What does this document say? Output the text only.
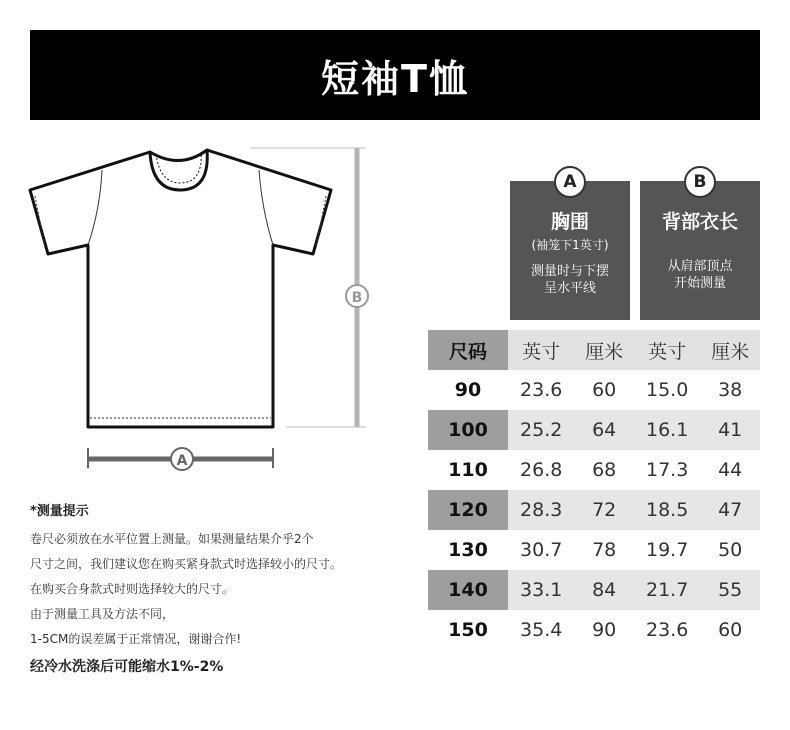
短袖T恤
B
A
A
胸围
(袖笼下1英寸)
测量时与下摆
呈水平线
B
背部衣长
从肩部顶点
开始测量
尺码	英寸	厘米	英寸	厘米
90	23.6	60	15.0	38
100	25.2	64	16.1	41
110	26.8	68	17.3	44
120	28.3	72	18.5	47
130	30.7	78	19.7	50
140	33.1	84	21.7	55
150	35.4	90	23.6	60
*测量提示
卷尺必须放在水平位置上测量。如果测量结果介乎2个
尺寸之间，我们建议您在购买紧身款式时选择较小的尺寸。
在购买合身款式时则选择较大的尺寸。
由于测量工具及方法不同，
1-5CM的误差属于正常情况，谢谢合作!
经冷水洗涤后可能缩水1%-2%
